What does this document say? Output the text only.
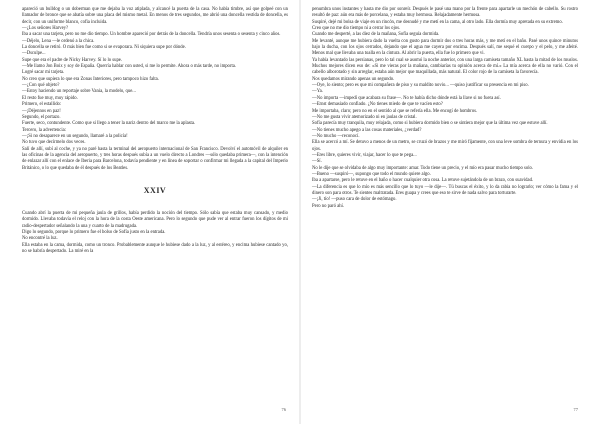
apareció un bulldog o un doberman que me dejaba la voz atiplada, y alcancé la puerta de la casa. No había timbre, así que golpeé con un llamador de bronce que se abatía sobre una placa del mismo metal. En menos de tres segundos, me abrió una doncella vestida de doncella, es decir, con un uniforme blanco, cofia incluida.

—¿Los señores Harvey?

Iba a sacar una tarjeta, pero no me dio tiempo. Un hombre apareció por detrás de la doncella. Tendría unos sesenta o sesenta y cinco años.

—Déjelo, Lena —le ordenó a la chica.

La doncella se retiró. O más bien fue como si se evaporara. Ni siquiera supe por dónde.

—Dsculpe...

Supe que era el padre de Nicky Harvey. Sí lo lo supe.

—Me llamo Jon Boix y soy de España. Querría hablar con usted, si me lo permite. Ahora o más tarde, no importa.

Logré sacar mi tarjeta.

No creo que supiera lo que era Zonas Interiores, pero tampoco hizo falta.

—¿Con qué objeto?

—Estoy haciendo un reportaje sobre Vania, la modelo, que...

El resto fue muy, muy rápido.

Primero, el estallido:

—¡Déjennos en paz!

Segundo, el portazo.

Fuerte, seco, contundente. Como que si llego a tener la nariz dentro del marco me la aplasta.

Tercero, la advertencia:

—¡Si no desaparece en un segundo, llamaré a la policía!

No tuvo que decírmelo dos veces.

Salí de allí, subí al coche, y ya no paré hasta la terminal del aeropuerto internacional de San Francisco. Devolví el automóvil de alquiler en las oficinas de la agencia del aeropuerto, y tres horas después subía a un vuelo directo a Londres —sólo quedaba primera—, con la intención de enlazar allí con el enlace de Iberia para Barcelona, todavía pendiente y en línea de soportar o confirmar mi llegada a la capital del Imperio Británico, o lo que quedaba de él después de los Beatles.

XXIV

Cuando abrí la puerta de mi pequeña jaula de grillos, había perdido la noción del tiempo. Sólo sabía que estaba muy cansado, y medio dormido. Llevaba todavía el reloj con la hora de la costa Oeste americana. Pero lo segundo que pude ver al entrar fueron los dígitos de mi radio-despertador señalando la una y cuarto de la madrugada.

Digo lo segundo, porque lo primero fue el bolso de Sofía justo en la entrada.

No encontré la luz.

Ella estaba en la cama, dormida, como un tronco. Probablemente aunque le hubiese dado a la luz, y al estéreo, y encima hubiese cantado yo, no se habría despertado. La miré en la

76

penumbra unos instantes y hasta me dio por sonreír. Después le pasé una mano por la frente para apartarle un mechón de cabello. Su rostro resultó de paz: aún era más de porcelana, y estaba muy hermosa. Relajadamente hermosa.

Suspiré, dejé mi bolsa de viaje en un rincón, me desnudé y me metí en la cama, al otro lado. Ella dormía muy apretada en su extremo.

Creo que no me dio tiempo ni a cerrar los ojos.

Cuando me desperté, a las diez de la mañana, Sofía seguía dormida.

Me levanté, aunque me hubiera dado la vuelta con gusto para dormir dos o tres horas más, y me metí en el baño. Pasé unos quince minutos bajo la ducha, con los ojos cerrados, dejando que el agua me cayera por encima. Después salí, me sequé el cuerpo y el pelo, y me afeité. Menos mal que llevaba una toalla en la cintura. Al abrir la puerta, ella fue lo primero que vi.

Ya había levantado las persianas, pero lo tal cual se asomó la noche anterior, con una larga camiseta tamaño XL hasta la mitad de los muslos. Muchos mejores dicen eso de: «Si me vieras por la mañana, cambiarías tu opinión acerca de mí.» La mía acerca de ella no varió. Con el cabello alborotado y sin arreglar, estaba aún mejor que maquillada, más natural. El color rojo de la camiseta la favorecía.

Nos quedamos mirando apenas un segundo.

—Oye, lo siento; pero es que mi compañera de piso y su maldito novio... —quiso justificar su presencia en mi piso.

—Ya.

—No importa —impedí que acabara su frase—. No te había dicho dónde está la llave si no fuera así.

—Ernst demasiado confiado. ¿No tienes miedo de que te vacíen esto?

Me importaba, claro; pero no en el sentido al que se refería ella. Me encogí de hombros.

—No me gusta vivir atemorizado ni en jaulas de cristal.

Sofía parecía muy tranquila, muy relajada, como si hubiera dormido bien o se sintiera mejor que la última vez que estuve allí.

—No tienes mucho apego a las cosas materiales, ¿verdad?

—No mucho —reconocí.

Ella se acercó a mí. Se detuvo a menos de un metro, se cruzó de brazos y me miró fijamente, con una leve sombra de ternura y envidia en los ojos.

—Eres libre, quieres vivir, viajar, hacer lo que te pega...

—Sí.

No le dije que se olvidaba de algo muy importante: amar. Todo tiene un precio, y el mío era pasar mucho tiempo solo.

—Bueno —suspiró—, supongo que todo el mundo quiere algo.

Iba a apartarse, pero le retuve en el baño o hacer cualquier otra cosa. La retuve sujetándola de un brazo, con suavidad.

—La diferencia es que lo mío es más sencillo que lo tuyo —le dije—. Tú buscas el éxito, y lo da rabia no lograrlo; ver cómo la fama y el dinero son para otros. Te sientes maltratada. Eres guapa y crees que eso te sirve de nada salvo para torturarte.

—¡Ji, tío! —puso cara de dolor de estómago.

Pero no paró ahí.

77
